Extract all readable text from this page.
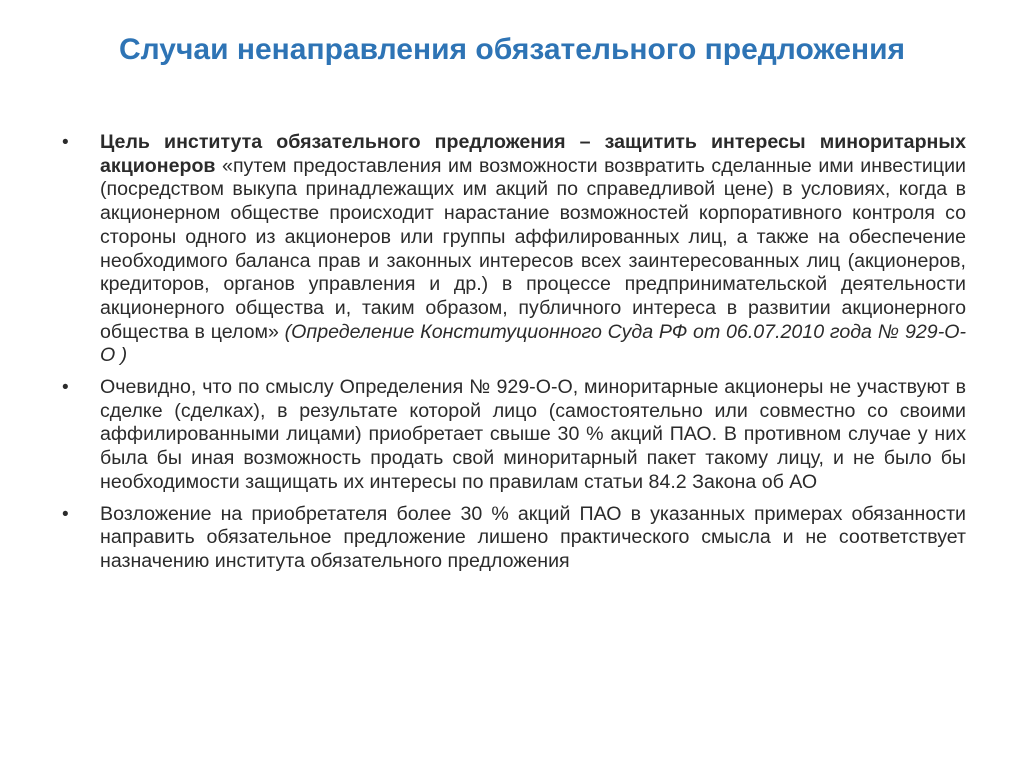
Случаи ненаправления обязательного предложения
•	Цель института обязательного предложения – защитить интересы миноритарных акционеров «путем предоставления им возможности возвратить сделанные ими инвестиции (посредством выкупа принадлежащих им акций по справедливой цене) в условиях, когда в акционерном обществе происходит нарастание возможностей корпоративного контроля со стороны одного из акционеров или группы аффилированных лиц, а также на обеспечение необходимого баланса прав и законных интересов всех заинтересованных лиц (акционеров, кредиторов, органов управления и др.) в процессе предпринимательской деятельности акционерного общества и, таким образом, публичного интереса в развитии акционерного общества в целом» (Определение Конституционного Суда РФ от 06.07.2010 года № 929-О-О )
•	Очевидно, что по смыслу Определения № 929-О-О, миноритарные акционеры не участвуют в сделке (сделках), в результате которой лицо (самостоятельно или совместно со своими аффилированными лицами) приобретает свыше 30 % акций ПАО. В противном случае у них была бы иная возможность продать свой миноритарный пакет такому лицу, и не было бы необходимости защищать их интересы по правилам статьи 84.2 Закона об АО
•	Возложение на приобретателя более 30 % акций ПАО в указанных примерах обязанности направить обязательное предложение лишено практического смысла и не соответствует назначению института обязательного предложения
